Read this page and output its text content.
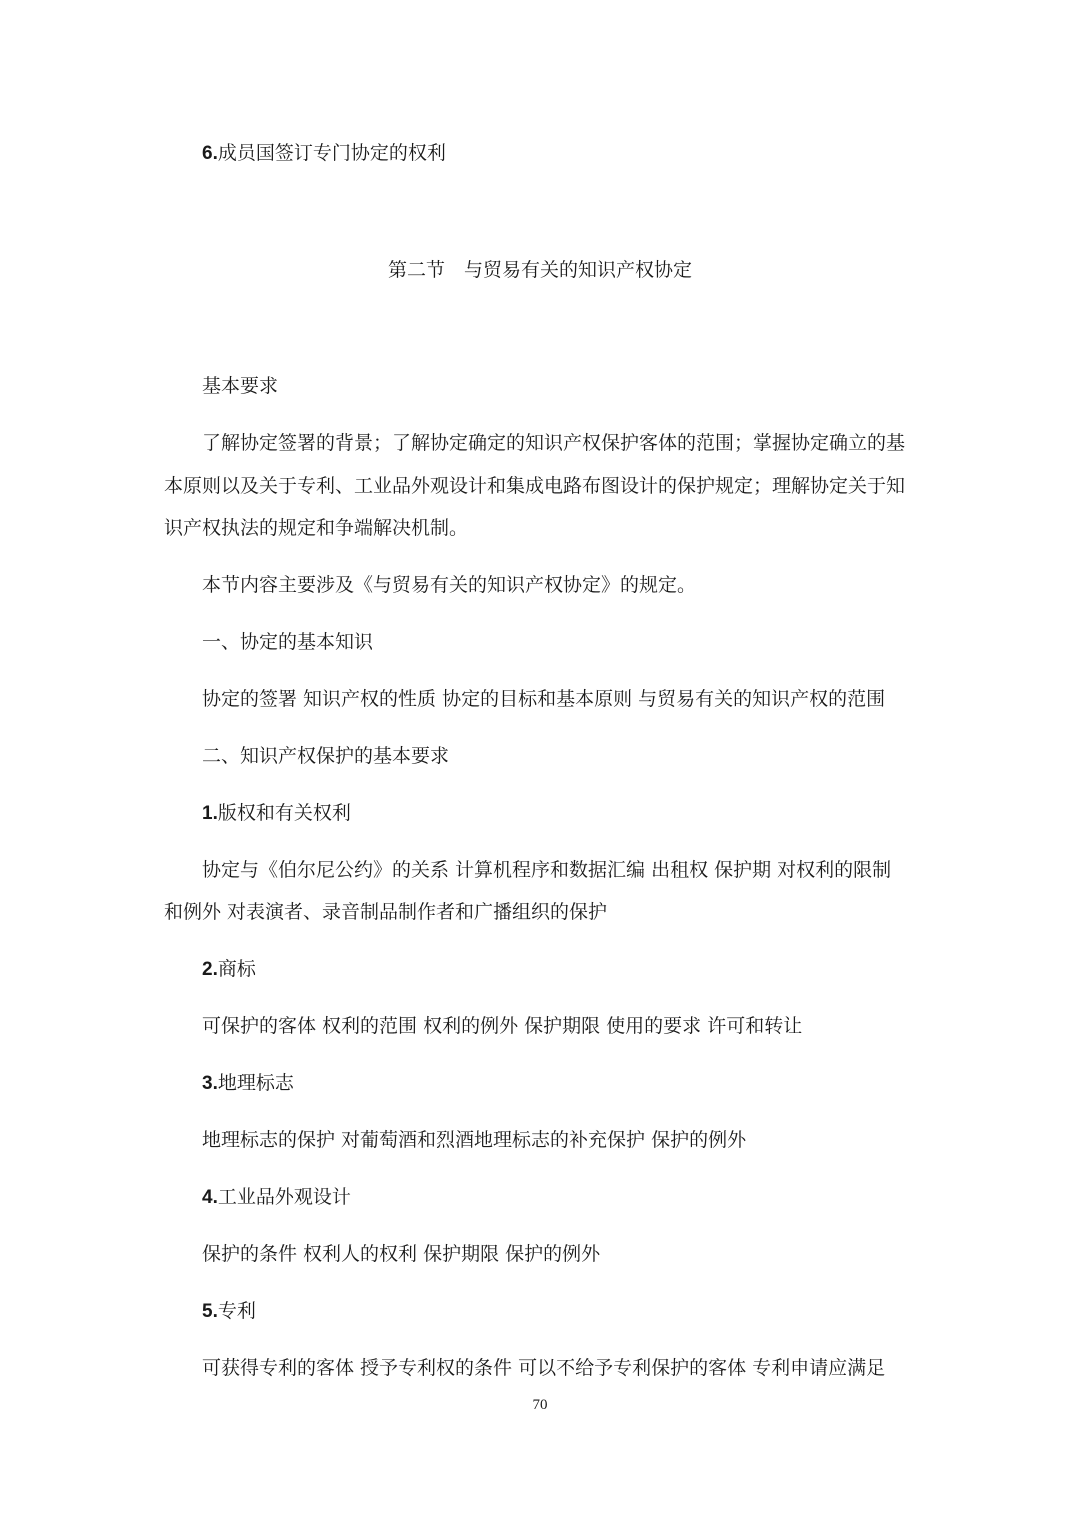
6.成员国签订专门协定的权利
第二节　与贸易有关的知识产权协定
基本要求
了解协定签署的背景；了解协定确定的知识产权保护客体的范围；掌握协定确立的基
本原则以及关于专利、工业品外观设计和集成电路布图设计的保护规定；理解协定关于知
识产权执法的规定和争端解决机制。
本节内容主要涉及《与贸易有关的知识产权协定》的规定。
一、协定的基本知识
协定的签署 知识产权的性质 协定的目标和基本原则 与贸易有关的知识产权的范围
二、知识产权保护的基本要求
1.版权和有关权利
协定与《伯尔尼公约》的关系 计算机程序和数据汇编 出租权 保护期 对权利的限制
和例外 对表演者、录音制品制作者和广播组织的保护
2.商标
可保护的客体 权利的范围 权利的例外 保护期限 使用的要求 许可和转让
3.地理标志
地理标志的保护 对葡萄酒和烈酒地理标志的补充保护 保护的例外
4.工业品外观设计
保护的条件 权利人的权利 保护期限 保护的例外
5.专利
可获得专利的客体 授予专利权的条件 可以不给予专利保护的客体 专利申请应满足
70
